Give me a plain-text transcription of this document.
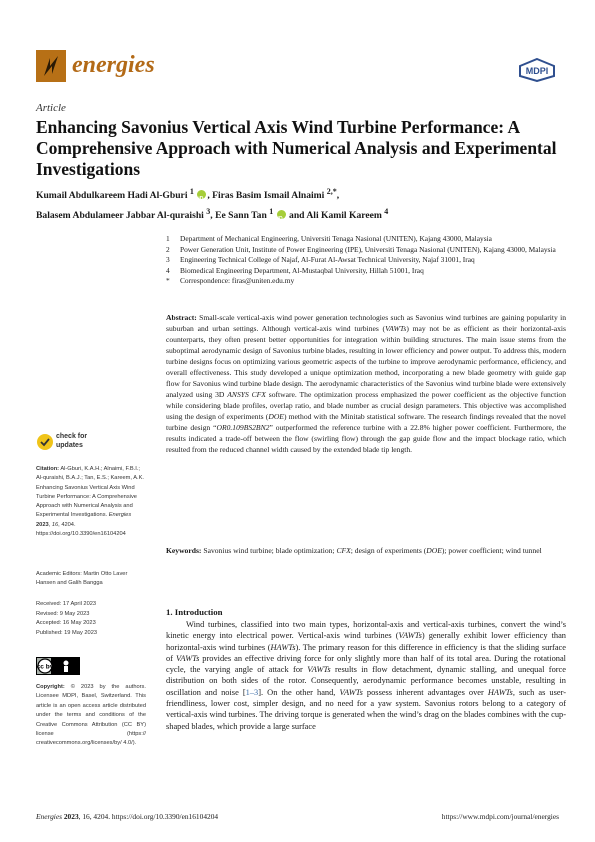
energies	MDPI
Article
Enhancing Savonius Vertical Axis Wind Turbine Performance: A Comprehensive Approach with Numerical Analysis and Experimental Investigations
Kumail Abdulkareem Hadi Al-Gburi $^1$ iD , Firas Basim Ismail Alnaimi $^{2,*}$,
Balasem Abdulameer Jabbar Al-quraishi $^3$, Ee Sann Tan $^1$ iD and Ali Kamil Kareem $^4$
1	Department of Mechanical Engineering, Universiti Tenaga Nasional (UNITEN), Kajang 43000, Malaysia
2	Power Generation Unit, Institute of Power Engineering (IPE), Universiti Tenaga Nasional (UNITEN), Kajang 43000, Malaysia
3	Engineering Technical College of Najaf, Al-Furat Al-Awsat Technical University, Najaf 31001, Iraq
4	Biomedical Engineering Department, Al-Mustaqbal University, Hillah 51001, Iraq
*	Correspondence: firas@uniten.edu.my

Abstract: Small-scale vertical-axis wind power generation technologies such as Savonius wind turbines are gaining popularity in suburban and urban settings. Although vertical-axis wind turbines (VAWTs) may not be as efficient as their horizontal-axis counterparts, they often present better opportunities for integration within building structures. The main issue stems from the suboptimal aerodynamic design of Savonius turbine blades, resulting in lower efficiency and power output. To address this, modern turbine designs focus on optimizing various geometric aspects of the turbine to improve aerodynamic performance, efficiency, and overall effectiveness. This study developed a unique optimization method, incorporating a new blade geometry with guide gap flow for Savonius wind turbine blade design. The aerodynamic characteristics of the Savonius wind turbine blade were extensively analyzed using 3D ANSYS CFX software. The optimization process emphasized the power coefficient as the objective function while considering blade profiles, overlap ratio, and blade number as crucial design parameters. This objective was accomplished using the design of experiments (DOE) method with the Minitab statistical software. The research findings revealed that the novel turbine design “OR0.109BS2BN2” outperformed the reference turbine with a 22.8% higher power coefficient. Furthermore, the results indicated a trade-off between the flow (swirling flow) through the gap guide flow and the impact blockage ratio, which resulted from the reduced channel width caused by the extended blade tip length.

Keywords: Savonius wind turbine; blade optimization; CFX; design of experiments (DOE); power coefficient; wind tunnel

check for
updates

Citation: Al-Gburi, K.A.H.; Alnaimi, F.B.I.; Al-quraishi, B.A.J.; Tan, E.S.; Kareem, A.K. Enhancing Savonius Vertical Axis Wind Turbine Performance: A Comprehensive Approach with Numerical Analysis and Experimental Investigations. Energies 2023, 16, 4204. https://doi.org/10.3390/en16104204

Academic Editors: Martin Otto Laver Hansen and Galih Bangga

Received: 17 April 2023
Revised: 9 May 2023
Accepted: 16 May 2023
Published: 19 May 2023
cc by

Copyright: © 2023 by the authors. Licensee MDPI, Basel, Switzerland. This article is an open access article distributed under the terms and conditions of the Creative Commons Attribution (CC BY) license (https:// creativecommons.org/licenses/by/ 4.0/).

1. Introduction

Wind turbines, classified into two main types, horizontal-axis and vertical-axis turbines, convert the wind’s kinetic energy into electrical power. Vertical-axis wind turbines (VAWTs) generally exhibit lower efficiency than horizontal-axis wind turbines (HAWTs). The primary reason for this difference in efficiency is that the sliding surface of VAWTs provides an effective driving force for only slightly more than half of its total area. During the rotational cycle, the varying angle of attack for VAWTs results in flow detachment, dynamic stalling, and unequal force distribution on both sides of the rotor. Consequently, aerodynamic performance becomes unstable, resulting in oscillation and noise [1–3]. On the other hand, VAWTs possess inherent advantages over HAWTs, such as user-friendliness, lower cost, simpler design, and no need for a yaw system. Savonius rotors belong to a category of vertical-axis wind turbines. The driving torque is generated when the wind’s drag on the blades combines with the cup-shaped blades, which provide a large surface

Energies 2023, 16, 4204. https://doi.org/10.3390/en16104204	https://www.mdpi.com/journal/energies
